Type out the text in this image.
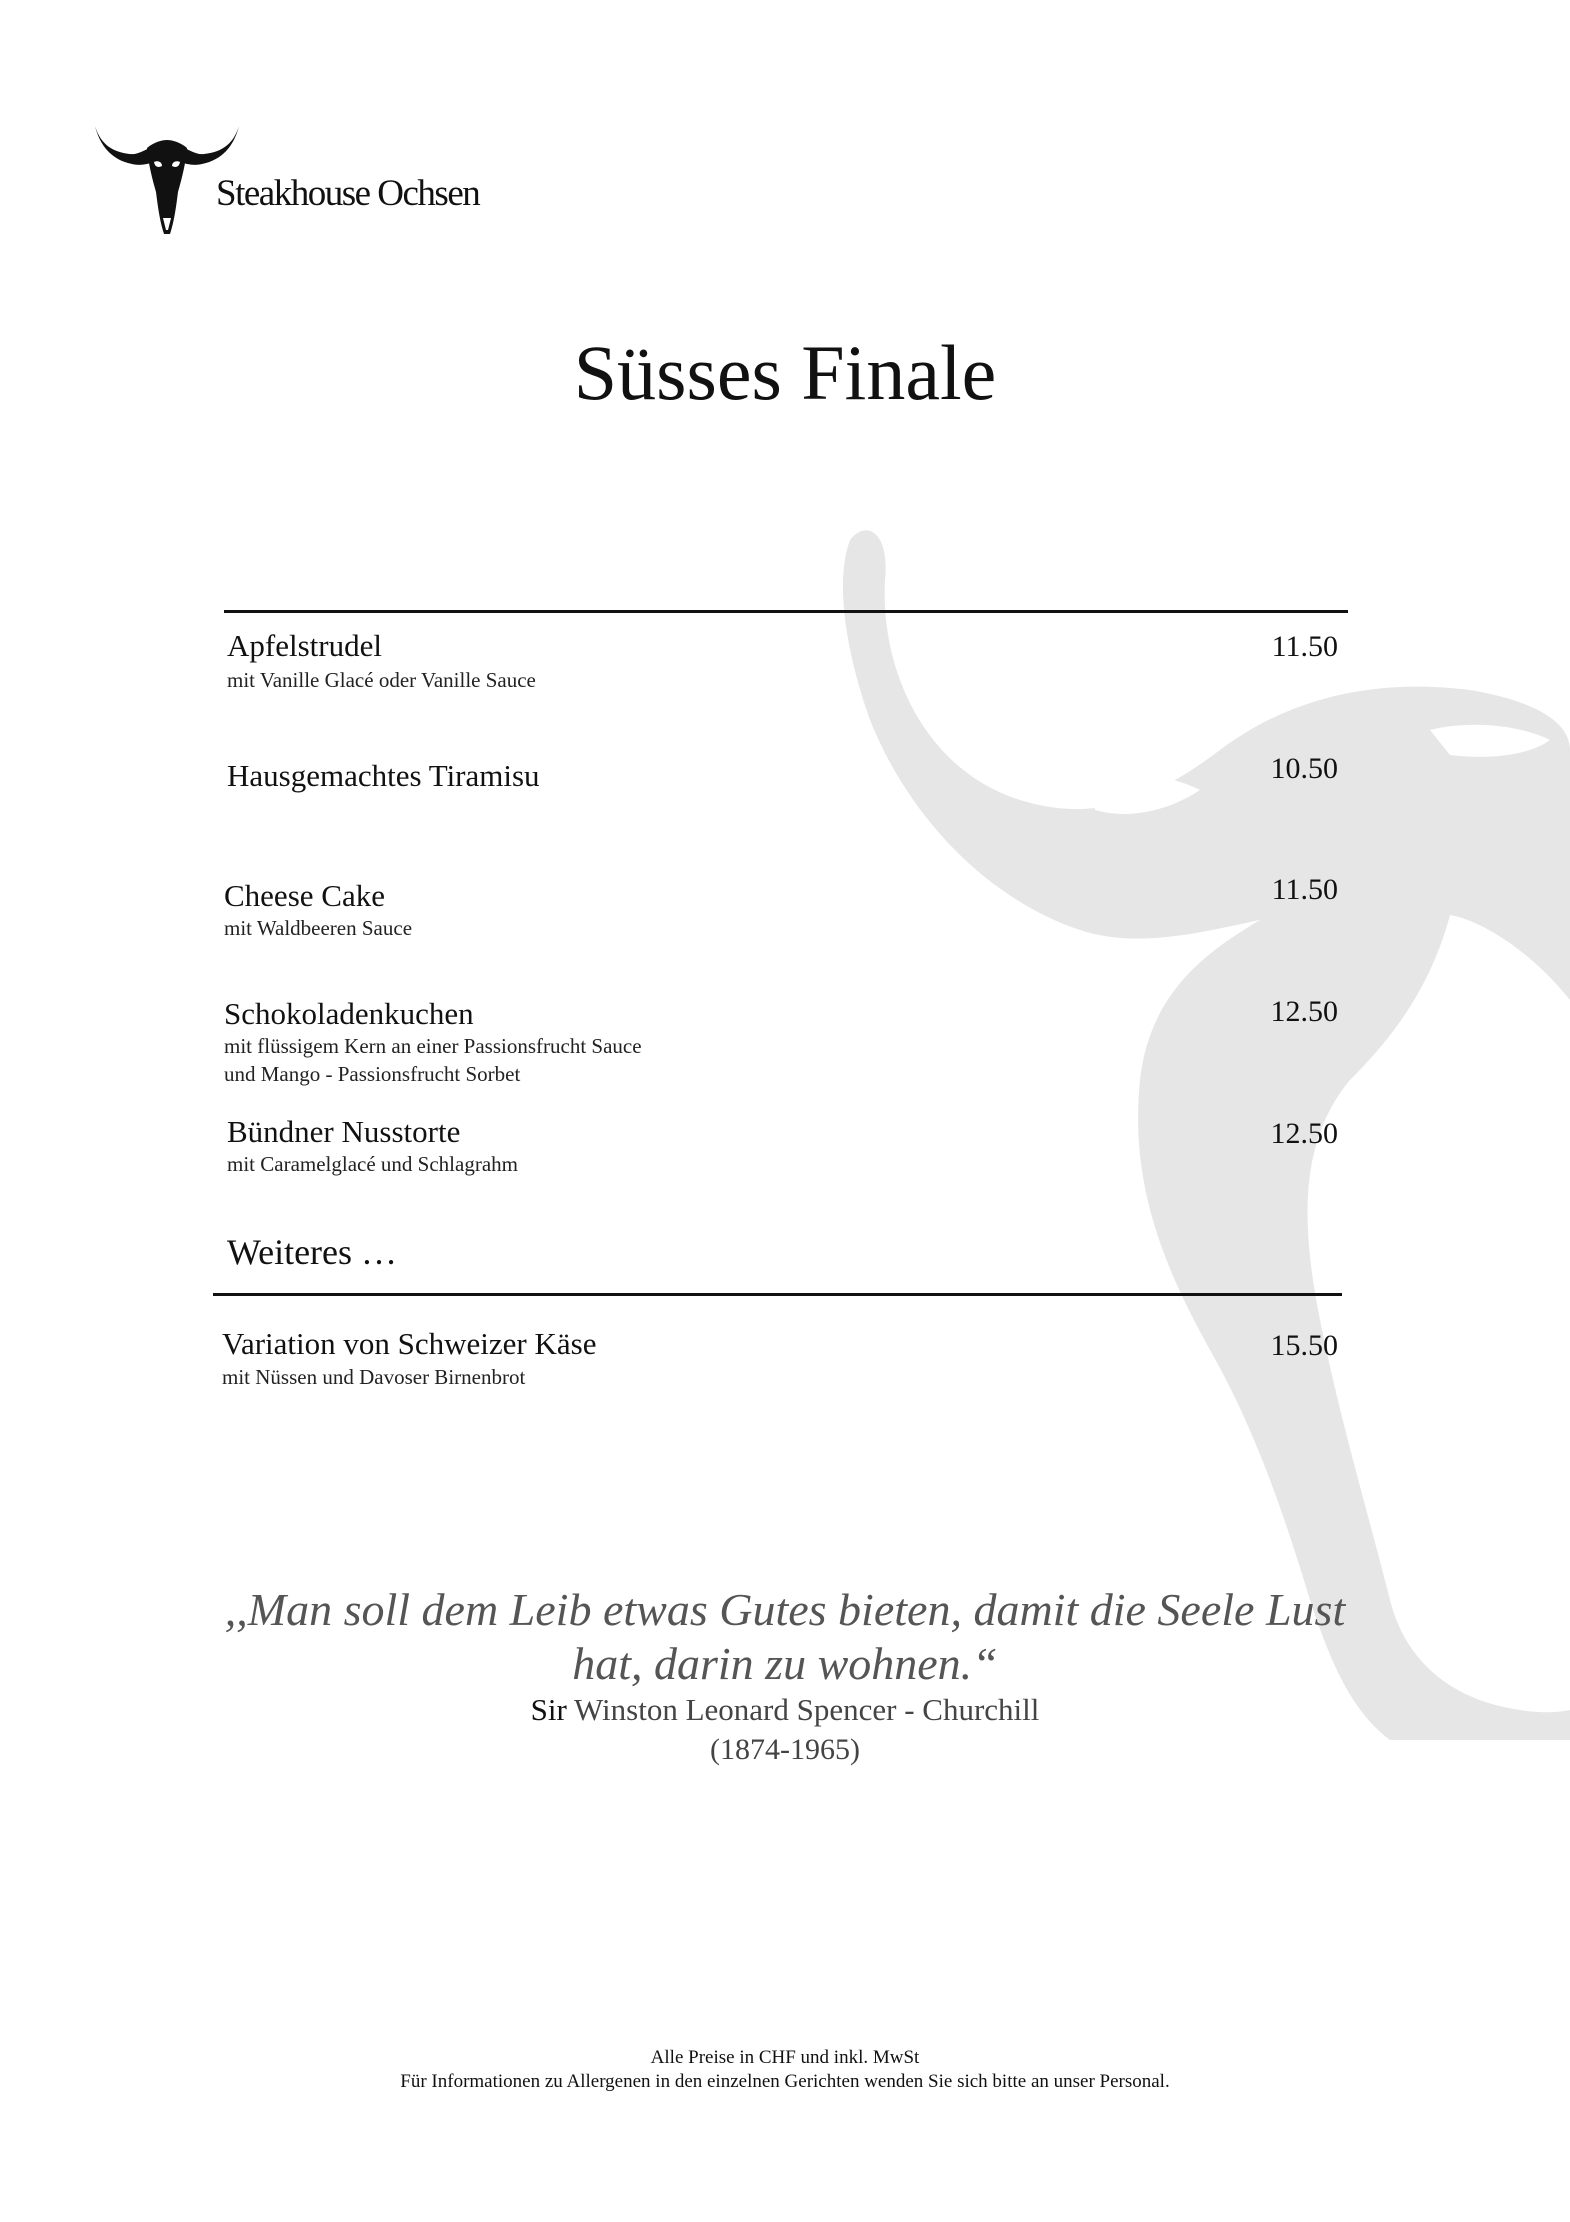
Steakhouse Ochsen
Süsses Finale
Apfelstrudel
mit Vanille Glacé oder Vanille Sauce
11.50
Hausgemachtes Tiramisu	10.50
Cheese Cake
mit Waldbeeren Sauce
11.50
Schokoladenkuchen
mit flüssigem Kern an einer Passionsfrucht Sauce
und Mango - Passionsfrucht Sorbet
12.50
Bündner Nusstorte
mit Caramelglacé und Schlagrahm
12.50
Weiteres …
Variation von Schweizer Käse
mit Nüssen und Davoser Birnenbrot
15.50
,,Man soll dem Leib etwas Gutes bieten, damit die Seele Lust
hat, darin zu wohnen.“
Sir Winston Leonard Spencer - Churchill
(1874-1965)
Alle Preise in CHF und inkl. MwSt
Für Informationen zu Allergenen in den einzelnen Gerichten wenden Sie sich bitte an unser Personal.
